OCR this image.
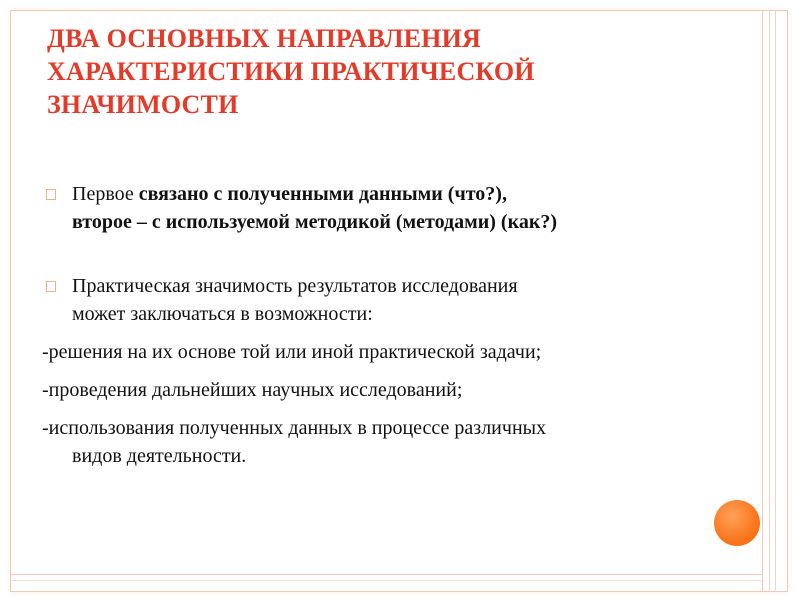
ДВА ОСНОВНЫХ НАПРАВЛЕНИЯ
ХАРАКТЕРИСТИКИ ПРАКТИЧЕСКОЙ
ЗНАЧИМОСТИ
Первое связано с полученными данными (что?),
второе – с используемой методикой (методами) (как?)
Практическая значимость результатов исследования
может заключаться в возможности:
-решения на их основе той или иной практической задачи;
-проведения дальнейших научных исследований;
-использования полученных данных в процессе различных
видов деятельности.
